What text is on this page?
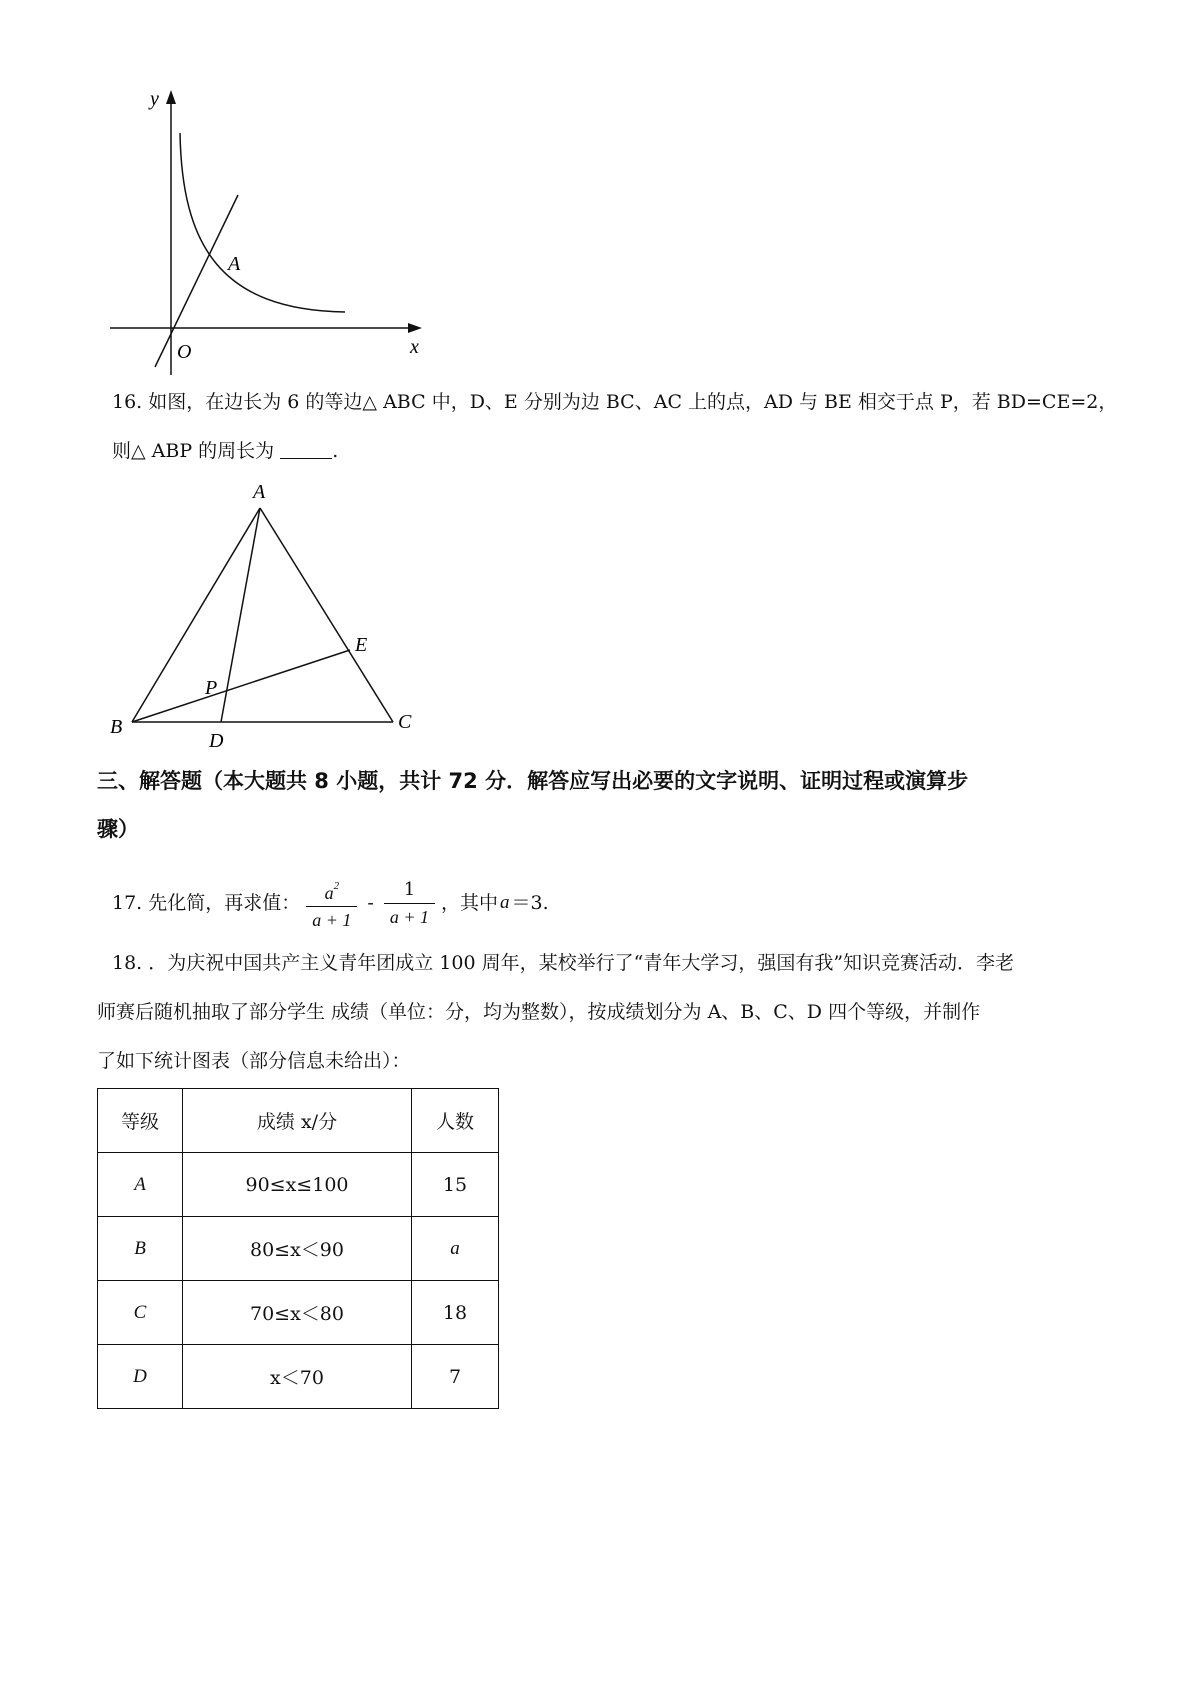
y
x
O
A
16. 如图，在边长为 6 的等边△ ABC 中，D、E 分别为边 BC、AC 上的点，AD 与 BE 相交于点 P，若 BD=CE=2，
则△ ABP 的周长为	.
A
B	C
D
E
P
三、解答题（本大题共 8 小题，共计 72 分．解答应写出必要的文字说明、证明过程或演算步
骤）
17. 先化简，再求值： $\frac{a^2}{a + 1} - \frac{1}{a + 1}$ ，其中 a ＝3.
18. ．为庆祝中国共产主义青年团成立 100 周年，某校举行了“青年大学习，强国有我”知识竞赛活动．李老
师赛后随机抽取了部分学生 成绩（单位：分，均为整数），按成绩划分为 A、B、C、D 四个等级，并制作
了如下统计图表（部分信息未给出）：
等级	成绩 x/分	人数
A	90≤x≤100	15
B	80≤x＜90	a
C	70≤x＜80	18
D	x＜70	7
